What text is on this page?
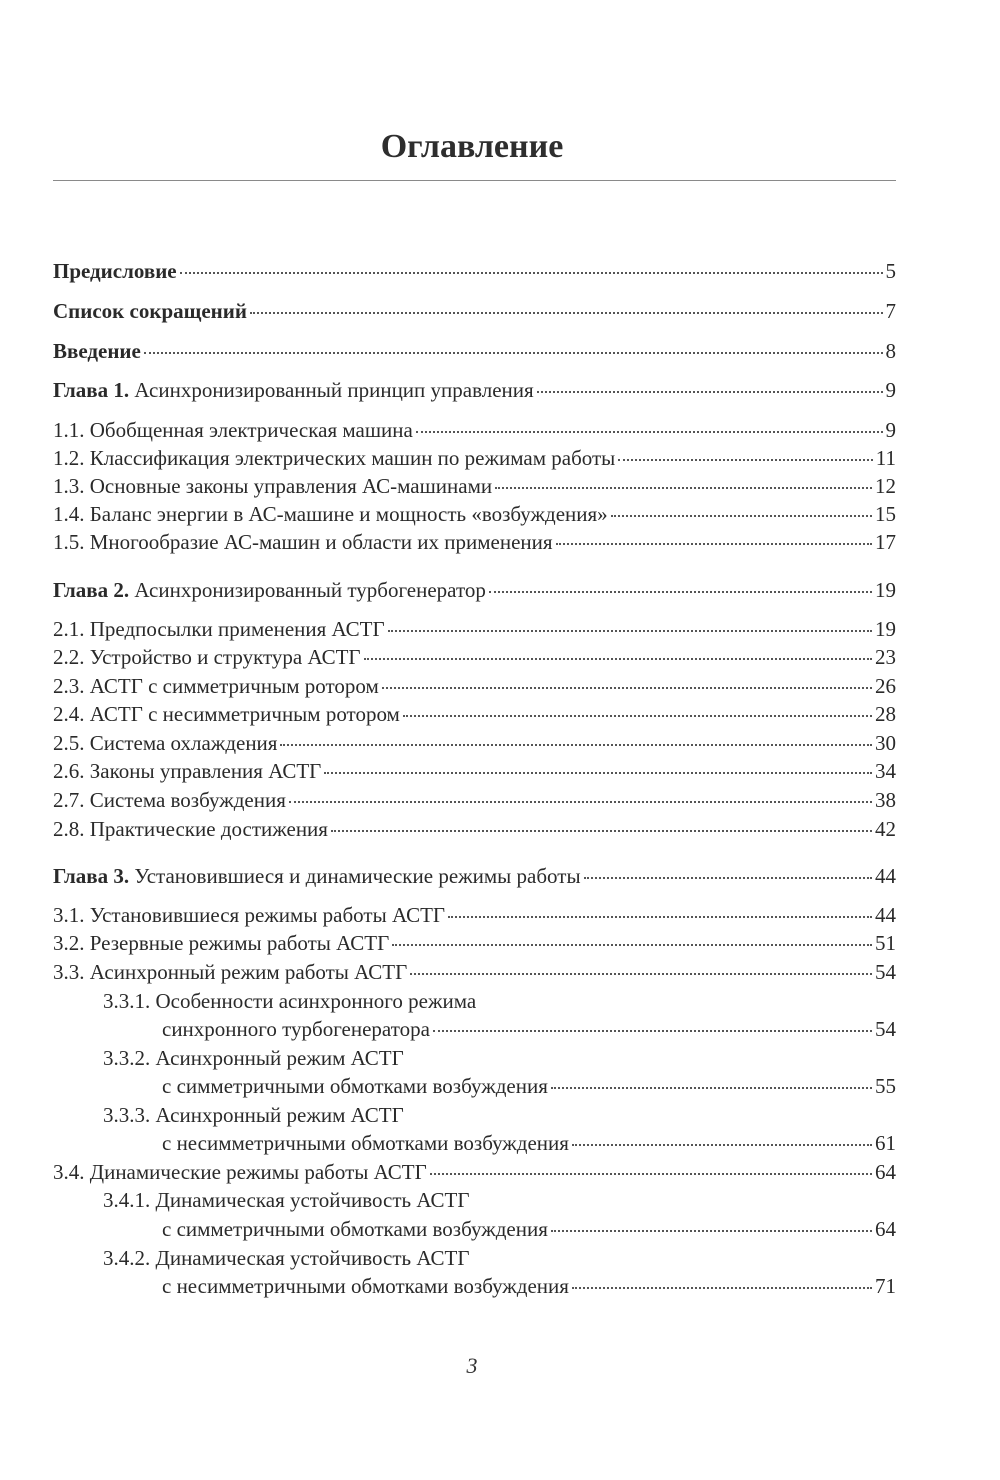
Оглавление
Предисловие	5
Список сокращений	7
Введение	8
Глава 1. Асинхронизированный принцип управления	9
1.1. Обобщенная электрическая машина	9
1.2. Классификация электрических машин по режимам работы	11
1.3. Основные законы управления АС-машинами	12
1.4. Баланс энергии в АС-машине и мощность «возбуждения»	15
1.5. Многообразие АС-машин и области их применения	17
Глава 2. Асинхронизированный турбогенератор	19
2.1. Предпосылки применения АСТГ	19
2.2. Устройство и структура АСТГ	23
2.3. АСТГ с симметричным ротором	26
2.4. АСТГ с несимметричным ротором	28
2.5. Система охлаждения	30
2.6. Законы управления АСТГ	34
2.7. Система возбуждения	38
2.8. Практические достижения	42
Глава 3. Установившиеся и динамические режимы работы	44
3.1. Установившиеся режимы работы АСТГ	44
3.2. Резервные режимы работы АСТГ	51
3.3. Асинхронный режим работы АСТГ	54
3.3.1. Особенности асинхронного режима
синхронного турбогенератора	54
3.3.2. Асинхронный режим АСТГ
с симметричными обмотками возбуждения	55
3.3.3. Асинхронный режим АСТГ
с несимметричными обмотками возбуждения	61
3.4. Динамические режимы работы АСТГ	64
3.4.1. Динамическая устойчивость АСТГ
с симметричными обмотками возбуждения	64
3.4.2. Динамическая устойчивость АСТГ
с несимметричными обмотками возбуждения	71
3
